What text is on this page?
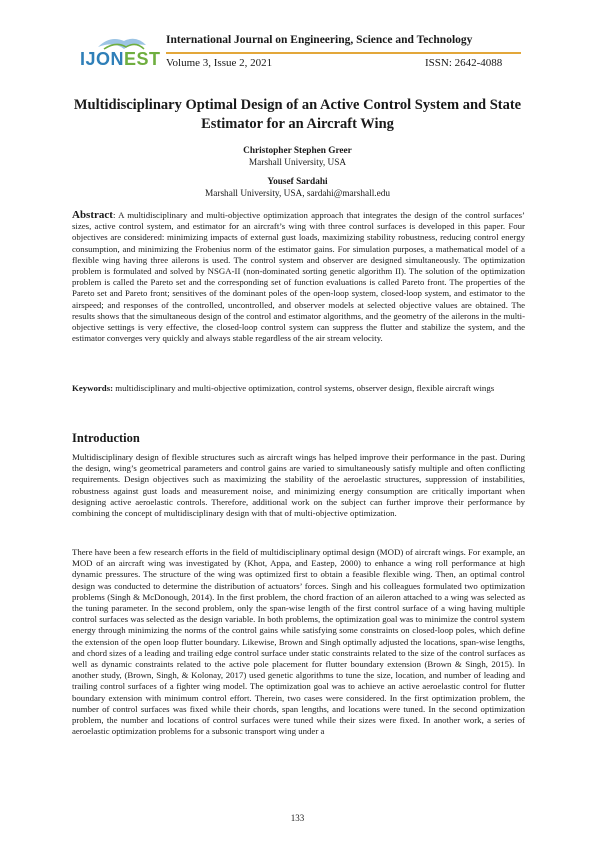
IJONEST
International Journal on Engineering, Science and Technology
Volume 3, Issue 2, 2021	ISSN: 2642-4088
Multidisciplinary Optimal Design of an Active Control System and State
Estimator for an Aircraft Wing
Christopher Stephen Greer
Marshall University, USA
Yousef Sardahi
Marshall University, USA, sardahi@marshall.edu
Abstract: A multidisciplinary and multi-objective optimization approach that integrates the design of the control surfaces’ sizes, active control system, and estimator for an aircraft’s wing with three control surfaces is developed in this paper. Four objectives are considered: minimizing impacts of external gust loads, maximizing stability robustness, reducing control energy consumption, and minimizing the Frobenius norm of the estimator gains. For simulation purposes, a mathematical model of a flexible wing having three ailerons is used. The control system and observer are designed simultaneously. The optimization problem is formulated and solved by NSGA-II (non-dominated sorting genetic algorithm II). The solution of the optimization problem is called the Pareto set and the corresponding set of function evaluations is called Pareto front. The properties of the Pareto set and Pareto front; sensitives of the dominant poles of the open-loop system, closed-loop system, and estimator to the airspeed; and responses of the controlled, uncontrolled, and observer models at selected objective values are obtained. The results shows that the simultaneous design of the control and estimator algorithms, and the geometry of the ailerons in the multi-objective settings is very effective, the closed-loop control system can suppress the flutter and stabilize the system, and the estimator converges very quickly and always stable regardless of the air stream velocity.
Keywords: multidisciplinary and multi-objective optimization, control systems, observer design, flexible aircraft wings
Introduction
Multidisciplinary design of flexible structures such as aircraft wings has helped improve their performance in the past. During the design, wing’s geometrical parameters and control gains are varied to simultaneously satisfy multiple and often conflicting requirements. Design objectives such as maximizing the stability of the aeroelastic structures, suppression of instabilities, robustness against gust loads and measurement noise, and minimizing energy consumption are critically important when designing active aeroelastic controls. Therefore, additional work on the subject can further improve their performance by combining the concept of multidisciplinary design with that of multi-objective optimization.
There have been a few research efforts in the field of multidisciplinary optimal design (MOD) of aircraft wings. For example, an MOD of an aircraft wing was investigated by (Khot, Appa, and Eastep, 2000) to enhance a wing roll performance at high dynamic pressures. The structure of the wing was optimized first to obtain a feasible flexible wing. Then, an optimal control design was conducted to determine the distribution of actuators’ forces. Singh and his colleagues formulated two optimization problems (Singh & McDonough, 2014). In the first problem, the chord fraction of an aileron attached to a wing was selected as the tuning parameter. In the second problem, only the span-wise length of the first control surface of a wing having multiple control surfaces was selected as the design variable. In both problems, the optimization goal was to minimize the control system energy through minimizing the norms of the control gains while satisfying some constraints on closed-loop poles, which define the extension of the open loop flutter boundary. Likewise, Brown and Singh optimally adjusted the locations, span-wise lengths, and chord sizes of a leading and trailing edge control surface under static constraints related to the size of the control surfaces as well as dynamic constraints related to the active pole placement for flutter boundary extension (Brown & Singh, 2015). In another study, (Brown, Singh, & Kolonay, 2017) used genetic algorithms to tune the size, location, and number of leading and trailing control surfaces of a fighter wing model. The optimization goal was to achieve an active aeroelastic control for flutter boundary extension with minimum control effort. Therein, two cases were considered. In the first optimization problem, the number of control surfaces was fixed while their chords, span lengths, and locations were tuned. In the second optimization problem, the number and locations of control surfaces were tuned while their sizes were fixed. In another work, a series of aeroelastic optimization problems for a subsonic transport wing under a
133
